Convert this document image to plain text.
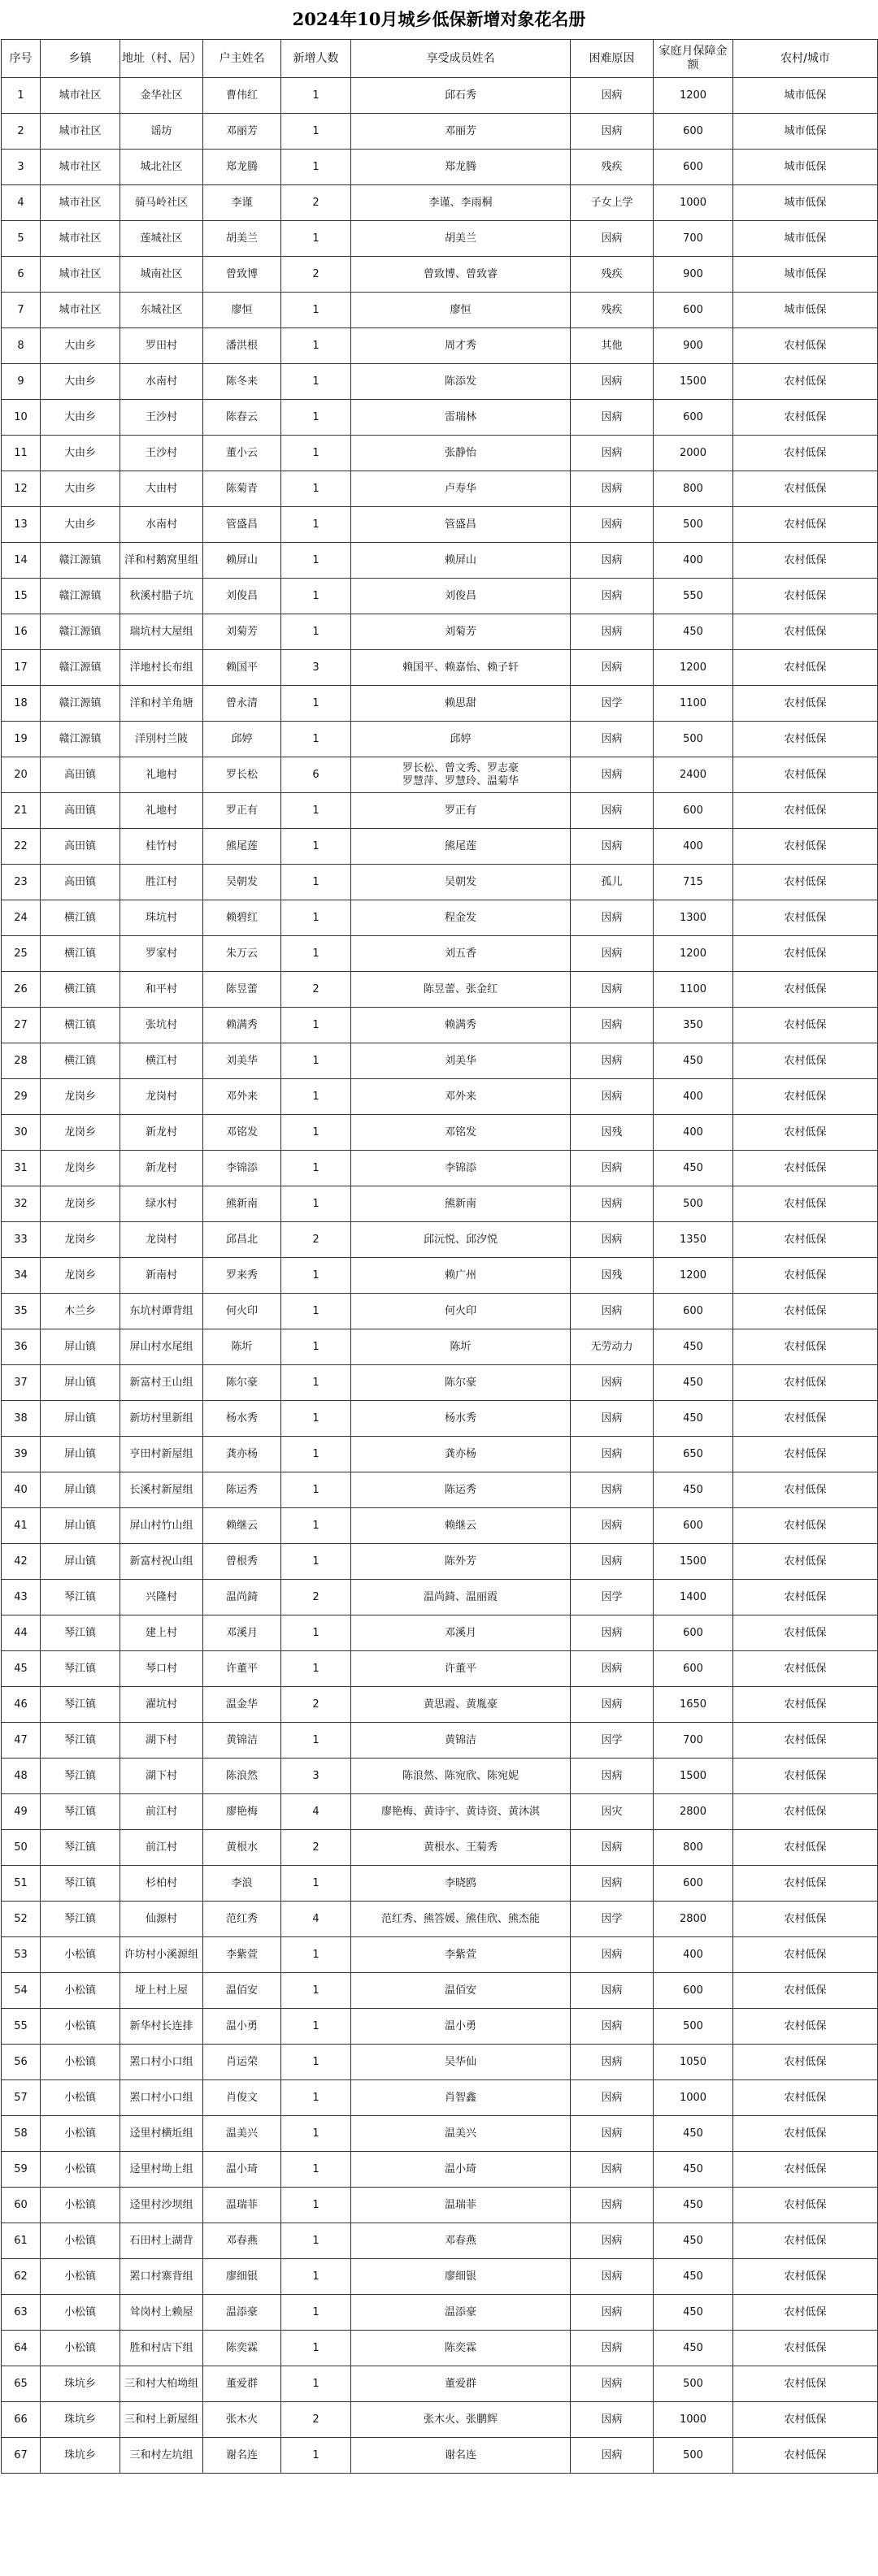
2024年10月城乡低保新增对象花名册
序号	乡镇	地址（村、居）	户主姓名	新增人数	享受成员姓名	困难原因	家庭月保障金额	农村/城市
1	城市社区	金华社区	曹伟红	1	邱石秀	因病	1200	城市低保
2	城市社区	谣坊	邓丽芳	1	邓丽芳	因病	600	城市低保
3	城市社区	城北社区	郑龙腾	1	郑龙腾	残疾	600	城市低保
4	城市社区	骑马岭社区	李谨	2	李谨、李雨桐	子女上学	1000	城市低保
5	城市社区	莲城社区	胡美兰	1	胡美兰	因病	700	城市低保
6	城市社区	城南社区	曾致博	2	曾致博、曾致睿	残疾	900	城市低保
7	城市社区	东城社区	廖恒	1	廖恒	残疾	600	城市低保
8	大由乡	罗田村	潘洪根	1	周才秀	其他	900	农村低保
9	大由乡	水南村	陈冬来	1	陈添发	因病	1500	农村低保
10	大由乡	王沙村	陈春云	1	雷瑞林	因病	600	农村低保
11	大由乡	王沙村	董小云	1	张静怡	因病	2000	农村低保
12	大由乡	大由村	陈菊青	1	卢寿华	因病	800	农村低保
13	大由乡	水南村	管盛昌	1	管盛昌	因病	500	农村低保
14	赣江源镇	洋和村鹅窝里组	赖屏山	1	赖屏山	因病	400	农村低保
15	赣江源镇	秋溪村腊子坑	刘俊昌	1	刘俊昌	因病	550	农村低保
16	赣江源镇	瑞坑村大屋组	刘菊芳	1	刘菊芳	因病	450	农村低保
17	赣江源镇	洋地村长布组	赖国平	3	赖国平、赖嘉怡、赖子轩	因病	1200	农村低保
18	赣江源镇	洋和村羊角塘	曾永清	1	赖思甜	因学	1100	农村低保
19	赣江源镇	洋別村兰陂	邱婷	1	邱婷	因病	500	农村低保
20	高田镇	礼地村	罗长松	6	罗长松、曾文秀、罗志豪
罗慧萍、罗慧玲、温菊华	因病	2400	农村低保
21	高田镇	礼地村	罗正有	1	罗正有	因病	600	农村低保
22	高田镇	桂竹村	熊尾莲	1	熊尾莲	因病	400	农村低保
23	高田镇	胜江村	吴朝发	1	吴朝发	孤儿	715	农村低保
24	横江镇	珠坑村	赖碧红	1	程金发	因病	1300	农村低保
25	横江镇	罗家村	朱万云	1	刘五香	因病	1200	农村低保
26	横江镇	和平村	陈昱蕾	2	陈昱蕾、张金红	因病	1100	农村低保
27	横江镇	张坑村	赖满秀	1	赖满秀	因病	350	农村低保
28	横江镇	横江村	刘美华	1	刘美华	因病	450	农村低保
29	龙岗乡	龙岗村	邓外来	1	邓外来	因病	400	农村低保
30	龙岗乡	新龙村	邓铭发	1	邓铭发	因残	400	农村低保
31	龙岗乡	新龙村	李锦添	1	李锦添	因病	450	农村低保
32	龙岗乡	绿水村	熊新南	1	熊新南	因病	500	农村低保
33	龙岗乡	龙岗村	邱昌北	2	邱沅悦、邱汐悦	因病	1350	农村低保
34	龙岗乡	新南村	罗来秀	1	赖广州	因残	1200	农村低保
35	木兰乡	东坑村谭背组	何火印	1	何火印	因病	600	农村低保
36	屏山镇	屏山村水尾组	陈圻	1	陈圻	无劳动力	450	农村低保
37	屏山镇	新富村王山组	陈尔豪	1	陈尔豪	因病	450	农村低保
38	屏山镇	新坊村里新组	杨水秀	1	杨水秀	因病	450	农村低保
39	屏山镇	亨田村新屋组	龚亦杨	1	龚亦杨	因病	650	农村低保
40	屏山镇	长溪村新屋组	陈运秀	1	陈运秀	因病	450	农村低保
41	屏山镇	屏山村竹山组	赖继云	1	赖继云	因病	600	农村低保
42	屏山镇	新富村祝山组	曾根秀	1	陈外芳	因病	1500	农村低保
43	琴江镇	兴隆村	温尚錡	2	温尚錡、温丽霞	因学	1400	农村低保
44	琴江镇	建上村	邓溪月	1	邓溪月	因病	600	农村低保
45	琴江镇	琴口村	许董平	1	许董平	因病	600	农村低保
46	琴江镇	濯坑村	温金华	2	黄思霞、黄胤豪	因病	1650	农村低保
47	琴江镇	湖下村	黄锦洁	1	黄锦洁	因学	700	农村低保
48	琴江镇	湖下村	陈浪然	3	陈浪然、陈宛欣、陈宛妮	因病	1500	农村低保
49	琴江镇	前江村	廖艳梅	4	廖艳梅、黄诗宇、黄诗资、黄沐淇	因灾	2800	农村低保
50	琴江镇	前江村	黄根水	2	黄根水、王菊秀	因病	800	农村低保
51	琴江镇	杉柏村	李浪	1	李晓鸥	因病	600	农村低保
52	琴江镇	仙源村	范红秀	4	范红秀、熊答媛、熊佳欣、熊杰能	因学	2800	农村低保
53	小松镇	许坊村小溪源组	李紫萱	1	李紫萱	因病	400	农村低保
54	小松镇	垭上村上屋	温佰安	1	温佰安	因病	600	农村低保
55	小松镇	新华村长连排	温小勇	1	温小勇	因病	500	农村低保
56	小松镇	罴口村小口组	肖运荣	1	吴华仙	因病	1050	农村低保
57	小松镇	罴口村小口组	肖俊文	1	肖智鑫	因病	1000	农村低保
58	小松镇	迳里村横坵组	温美兴	1	温美兴	因病	450	农村低保
59	小松镇	迳里村坳上组	温小琦	1	温小琦	因病	450	农村低保
60	小松镇	迳里村沙坝组	温瑞菲	1	温瑞菲	因病	450	农村低保
61	小松镇	石田村上湖背	邓春燕	1	邓春燕	因病	450	农村低保
62	小松镇	罴口村寨背组	廖细银	1	廖细银	因病	450	农村低保
63	小松镇	耸岗村上赖屋	温添豪	1	温添豪	因病	450	农村低保
64	小松镇	胜和村店下组	陈奕霖	1	陈奕霖	因病	450	农村低保
65	珠坑乡	三和村大柏坳组	董爱群	1	董爱群	因病	500	农村低保
66	珠坑乡	三和村上新屋组	张木火	2	张木火、张鹏辉	因病	1000	农村低保
67	珠坑乡	三和村左坑组	谢名连	1	谢名连	因病	500	农村低保
